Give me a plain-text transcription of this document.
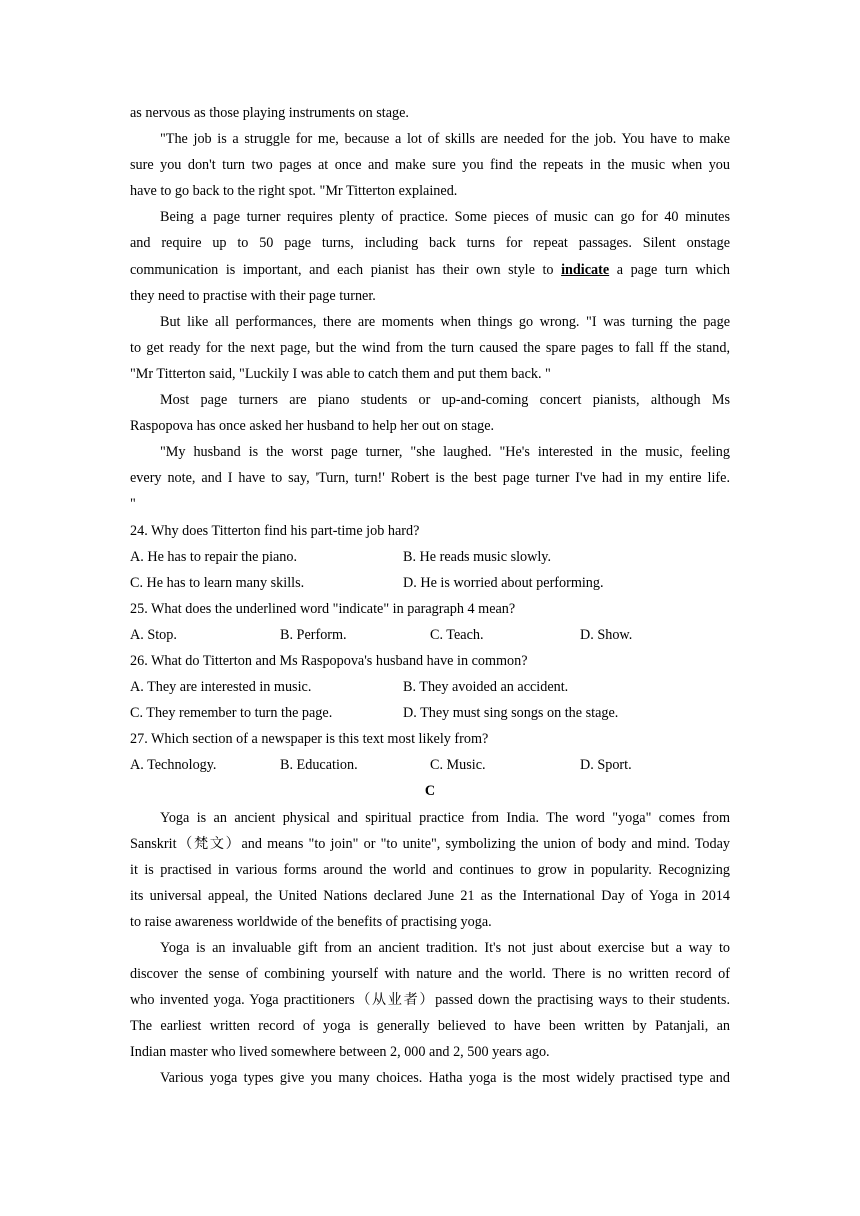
as nervous as those playing instruments on stage.
"The job is a struggle for me, because a lot of skills are needed for the job. You have to make
sure you don't turn two pages at once and make sure you find the repeats in the music when you
have to go back to the right spot. "Mr Titterton explained.
Being a page turner requires plenty of practice. Some pieces of music can go for 40 minutes
and require up to 50 page turns, including back turns for repeat passages. Silent onstage
communication is important, and each pianist has their own style to indicate a page turn which
they need to practise with their page turner.
But like all performances, there are moments when things go wrong. "I was turning the page
to get ready for the next page, but the wind from the turn caused the spare pages to fall ff the stand,
"Mr Titterton said, "Luckily I was able to catch them and put them back. "
Most page turners are piano students or up-and-coming concert pianists, although Ms
Raspopova has once asked her husband to help her out on stage.
"My husband is the worst page turner, "she laughed. "He's interested in the music, feeling
every note, and I have to say, 'Turn, turn!' Robert is the best page turner I've had in my entire life.
"
24. Why does Titterton find his part-time job hard?
A. He has to repair the piano.	B. He reads music slowly.
C. He has to learn many skills.	D. He is worried about performing.
25. What does the underlined word "indicate" in paragraph 4 mean?
A. Stop.	B. Perform.	C. Teach.	D. Show.
26. What do Titterton and Ms Raspopova's husband have in common?
A. They are interested in music.	B. They avoided an accident.
C. They remember to turn the page.	D. They must sing songs on the stage.
27. Which section of a newspaper is this text most likely from?
A. Technology.	B. Education.	C. Music.	D. Sport.
C
Yoga is an ancient physical and spiritual practice from India. The word "yoga" comes from
Sanskrit（梵文）and means "to join" or "to unite", symbolizing the union of body and mind. Today
it is practised in various forms around the world and continues to grow in popularity. Recognizing
its universal appeal, the United Nations declared June 21 as the International Day of Yoga in 2014
to raise awareness worldwide of the benefits of practising yoga.
Yoga is an invaluable gift from an ancient tradition. It's not just about exercise but a way to
discover the sense of combining yourself with nature and the world. There is no written record of
who invented yoga. Yoga practitioners（从业者）passed down the practising ways to their students.
The earliest written record of yoga is generally believed to have been written by Patanjali, an
Indian master who lived somewhere between 2, 000 and 2, 500 years ago.
Various yoga types give you many choices. Hatha yoga is the most widely practised type and
